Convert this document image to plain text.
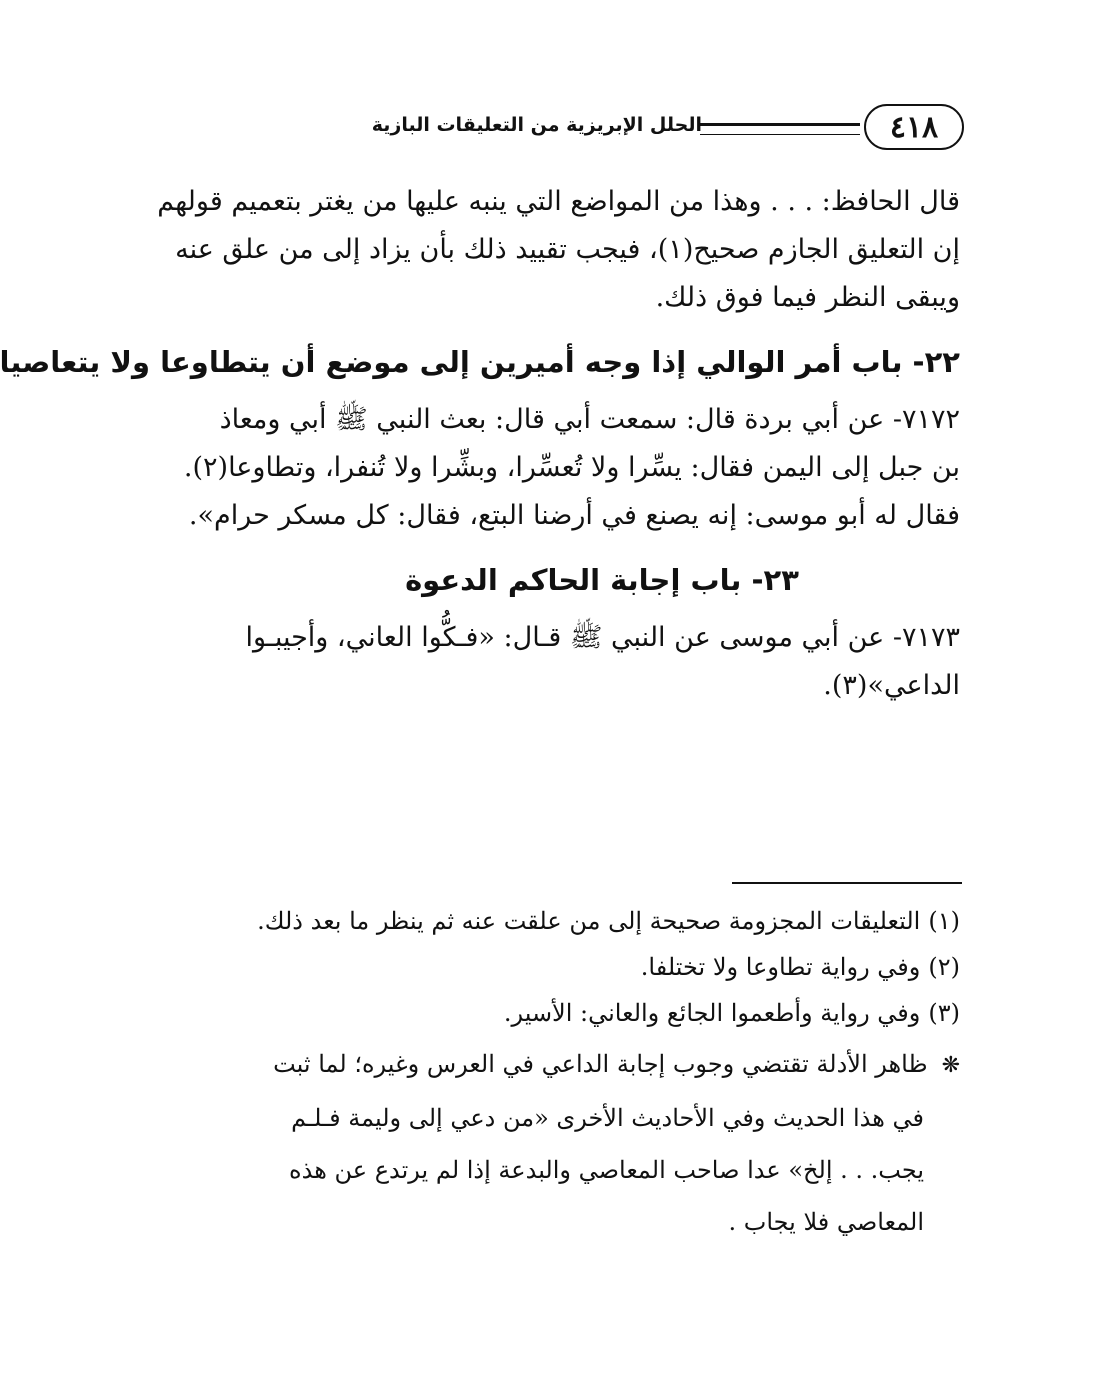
٤١٨
الحلل الإبريزية من التعليقات البازية

قال الحافظ: . . . وهذا من المواضع التي ينبه عليها من يغتر بتعميم قولهم
إن التعليق الجازم صحيح(١)، فيجب تقييد ذلك بأن يزاد إلى من علق عنه
ويبقى النظر فيما فوق ذلك.

٢٢- باب أمر الوالي إذا وجه أميرين إلى موضع أن يتطاوعا ولا يتعاصيا

٧١٧٢- عن أبي بردة قال: سمعت أبي قال: بعث النبي ﷺ أبي ومعاذ
بن جبل إلى اليمن فقال: يسِّرا ولا تُعسِّرا، وبشِّرا ولا تُنفرا، وتطاوعا(٢).
فقال له أبو موسى: إنه يصنع في أرضنا البتع، فقال: كل مسكر حرام».

٢٣- باب إجابة الحاكم الدعوة

٧١٧٣- عن أبي موسى عن النبي ﷺ قـال: «فـكُّوا العاني، وأجيبـوا
الداعي»(٣).

(١)التعليقات المجزومة صحيحة إلى من علقت عنه ثم ينظر ما بعد ذلك.

(٢)وفي رواية تطاوعا ولا تختلفا.

(٣)وفي رواية وأطعموا الجائع والعاني: الأسير.

❋ظاهر الأدلة تقتضي وجوب إجابة الداعي في العرس وغيره؛ لما ثبت
في هذا الحديث وفي الأحاديث الأخرى «من دعي إلى وليمة فـلـم
يجب. . . إلخ» عدا صاحب المعاصي والبدعة إذا لم يرتدع عن هذه
المعاصي فلا يجاب .
